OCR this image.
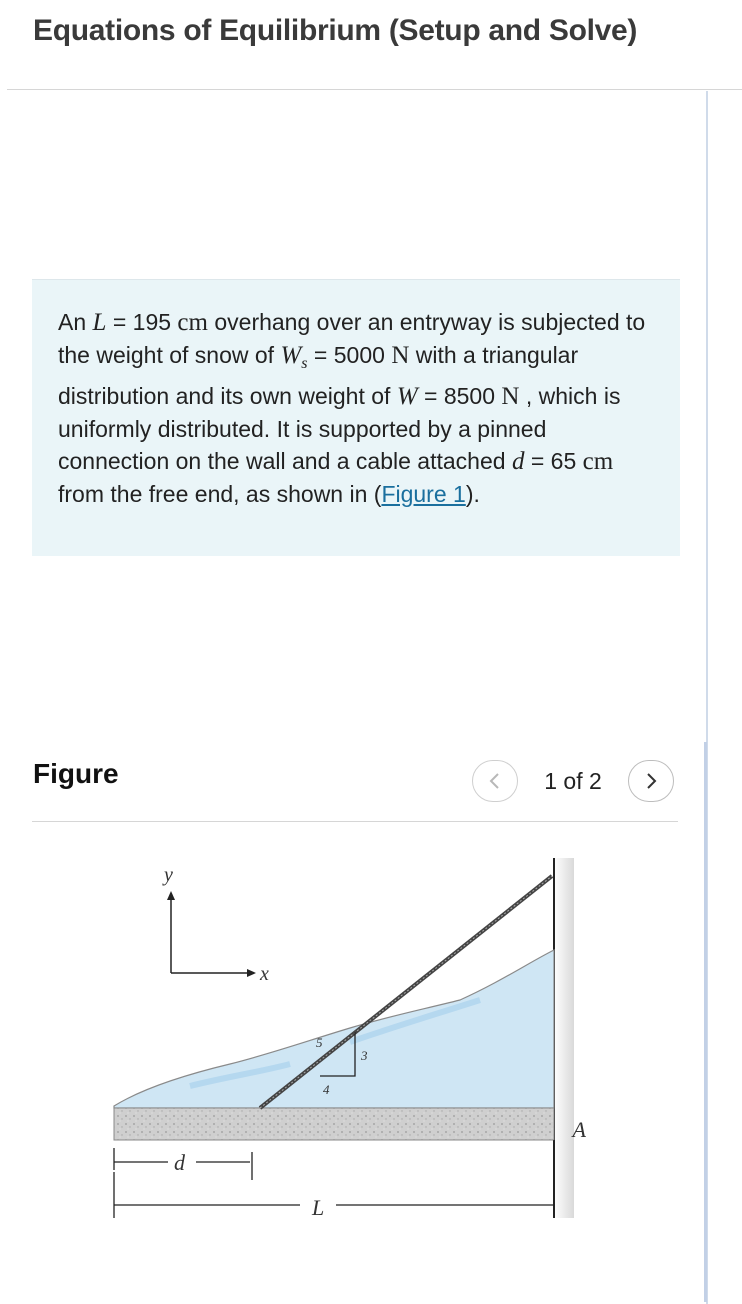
Equations of Equilibrium (Setup and Solve)
An L = 195 cm overhang over an entryway is subjected to the weight of snow of $W_s = 5000$ N with a triangular distribution and its own weight of W = 8500 N , which is uniformly distributed. It is supported by a pinned connection on the wall and a cable attached d = 65 cm from the free end, as shown in (Figure 1).
Figure	1 of 2
y
x
5
3
4
A
d
L
